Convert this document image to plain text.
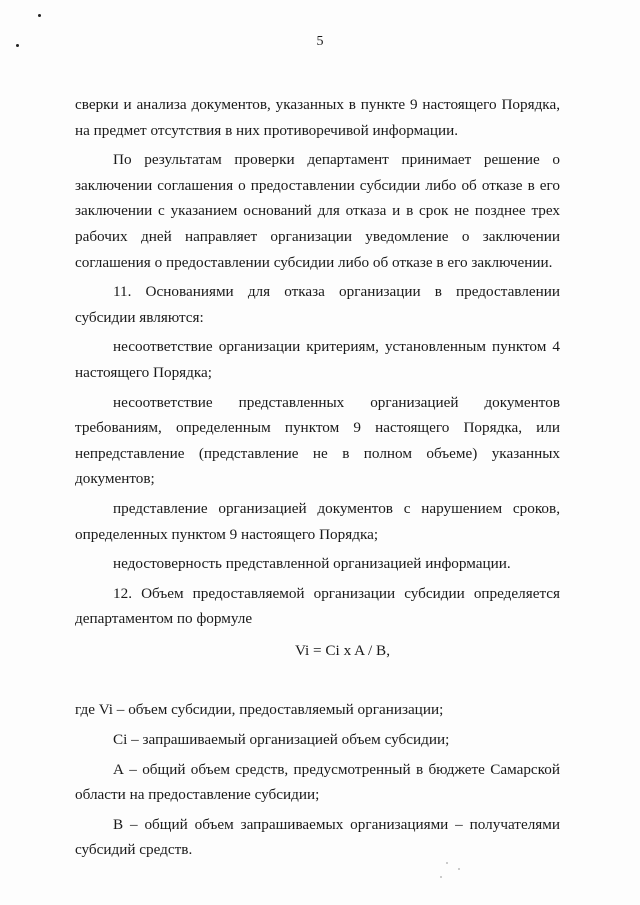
5

сверки и анализа документов, указанных в пункте 9 настоящего Порядка, на предмет отсутствия в них противоречивой информации.

По результатам проверки департамент принимает решение о заключении соглашения о предоставлении субсидии либо об отказе в его заключении с указанием оснований для отказа и в срок не позднее трех рабочих дней направляет организации уведомление о заключении соглашения о предоставлении субсидии либо об отказе в его заключении.

11. Основаниями для отказа организации в предоставлении субсидии являются:

несоответствие организации критериям, установленным пунктом 4 настоящего Порядка;

несоответствие представленных организацией документов требованиям, определенным пунктом 9 настоящего Порядка, или непредставление (представление не в полном объеме) указанных документов;

представление организацией документов с нарушением сроков, определенных пунктом 9 настоящего Порядка;

недостоверность представленной организацией информации.

12. Объем предоставляемой организации субсидии определяется департаментом по формуле

Vi = Ci x A / B,

где Vi – объем субсидии, предоставляемый организации;

Ci – запрашиваемый организацией объем субсидии;

А – общий объем средств, предусмотренный в бюджете Самарской области на предоставление субсидии;

В – общий объем запрашиваемых организациями – получателями субсидий средств.
